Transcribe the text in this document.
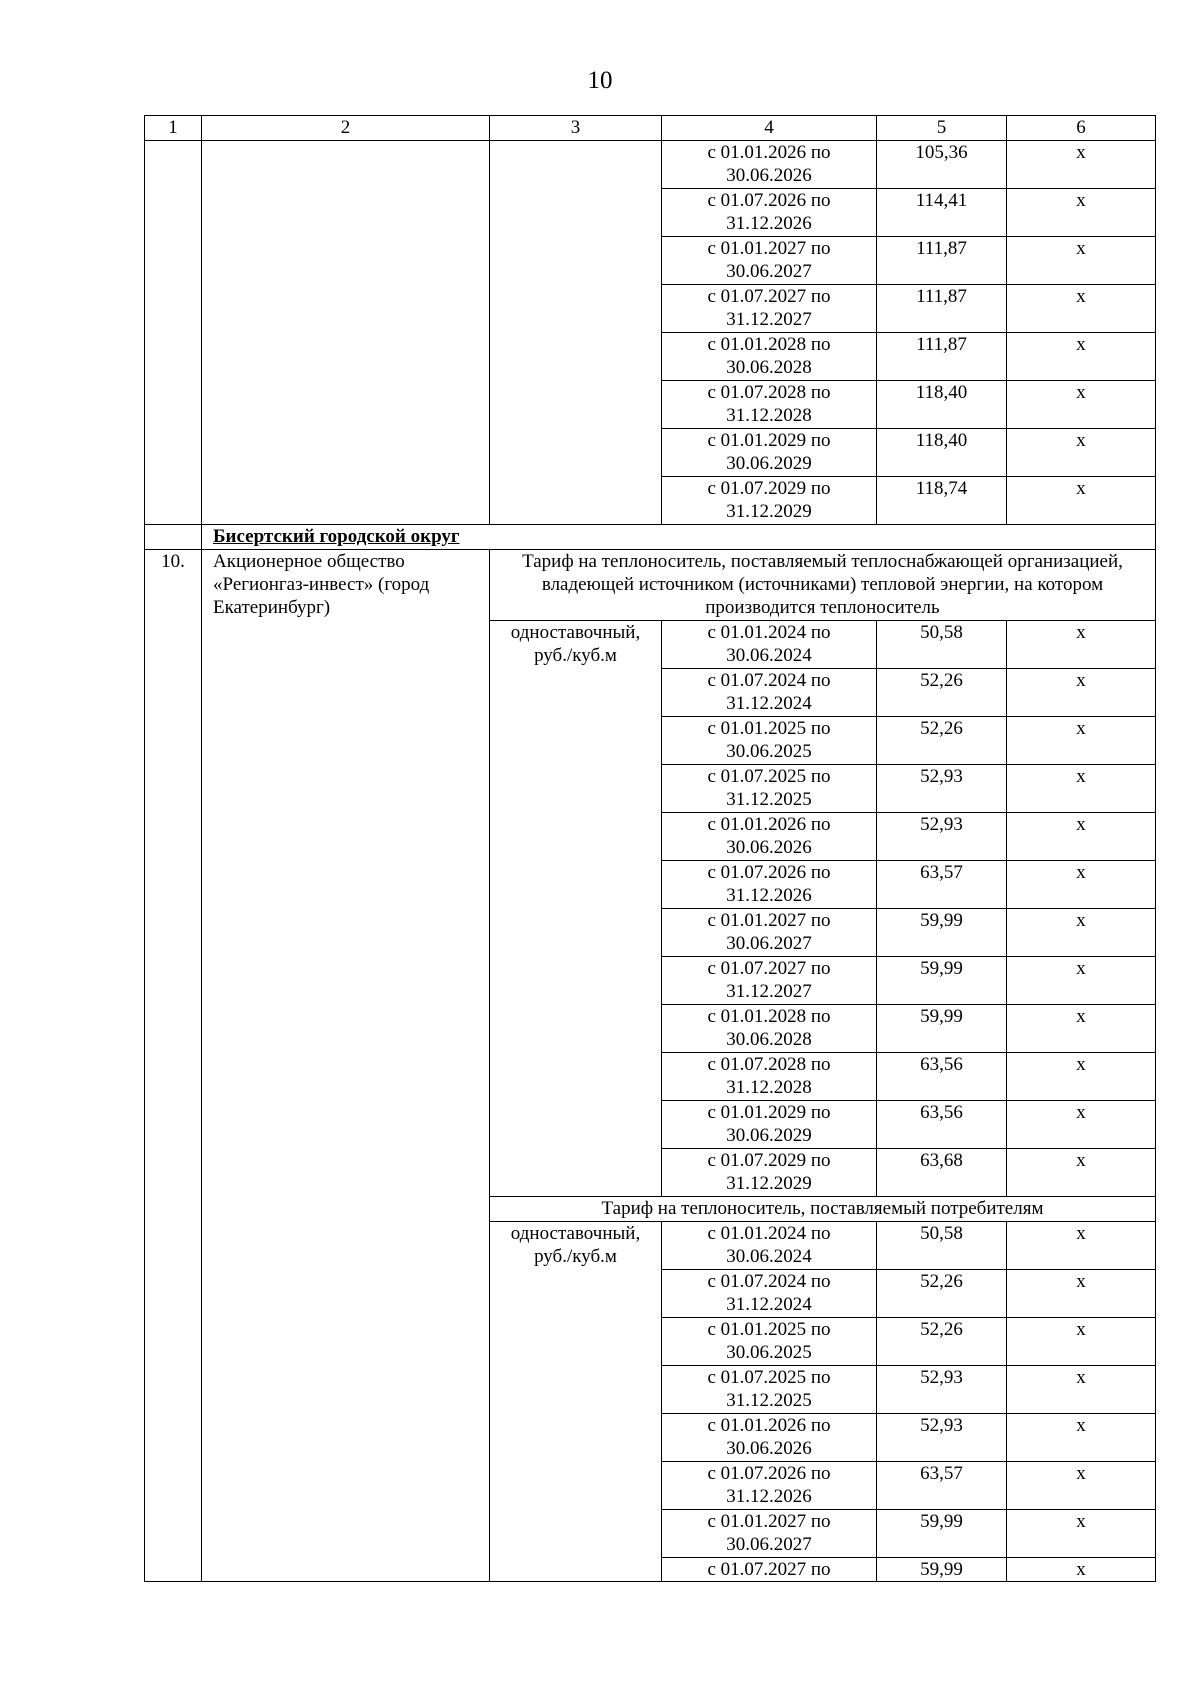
10
1	2	3	4	5	6

			с 01.01.2026 по
30.06.2026	105,36	х

			с 01.07.2026 по
31.12.2026	114,41	х

			с 01.01.2027 по
30.06.2027	111,87	х

			с 01.07.2027 по
31.12.2027	111,87	х

			с 01.01.2028 по
30.06.2028	111,87	х

			с 01.07.2028 по
31.12.2028	118,40	х

			с 01.01.2029 по
30.06.2029	118,40	х

			с 01.07.2029 по
31.12.2029	118,74	х
	Бисертский городской округ				
10.	Акционерное общество «Регионгаз-инвест» (город Екатеринбург)	Тариф на теплоноситель, поставляемый теплоснабжающей организацией, владеющей источником (источниками) тепловой энергии, на котором производится теплоноситель			
		одноставочный, руб./куб.м	с 01.01.2024 по
30.06.2024	50,58	х

			с 01.07.2024 по
31.12.2024	52,26	х

			с 01.01.2025 по
30.06.2025	52,26	х

			с 01.07.2025 по
31.12.2025	52,93	х

			с 01.01.2026 по
30.06.2026	52,93	х

			с 01.07.2026 по
31.12.2026	63,57	х

			с 01.01.2027 по
30.06.2027	59,99	х

			с 01.07.2027 по
31.12.2027	59,99	х

			с 01.01.2028 по
30.06.2028	59,99	х

			с 01.07.2028 по
31.12.2028	63,56	х

			с 01.01.2029 по
30.06.2029	63,56	х

			с 01.07.2029 по
31.12.2029	63,68	х
		Тариф на теплоноситель, поставляемый потребителям			
		одноставочный, руб./куб.м	с 01.01.2024 по
30.06.2024	50,58	х

			с 01.07.2024 по
31.12.2024	52,26	х

			с 01.01.2025 по
30.06.2025	52,26	х

			с 01.07.2025 по
31.12.2025	52,93	х

			с 01.01.2026 по
30.06.2026	52,93	х

			с 01.07.2026 по
31.12.2026	63,57	х

			с 01.01.2027 по
30.06.2027	59,99	х

			с 01.07.2027 по	59,99	х
